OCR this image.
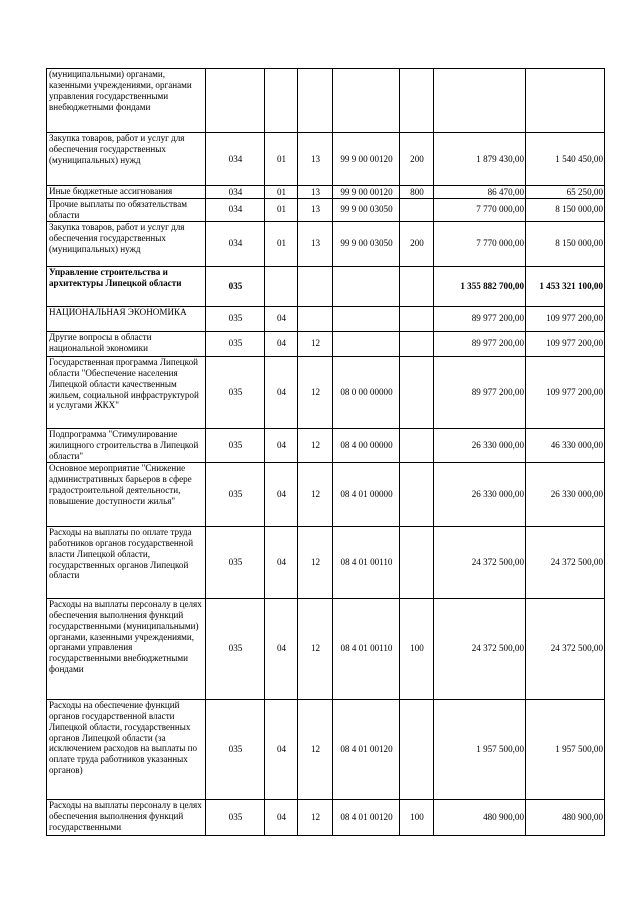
(муниципальными) органами, казенными учреждениями, органами управления государственными внебюджетными фондами							
Закупка товаров, работ и услуг для обеспечения государственных (муниципальных) нужд	034	01	13	99 9 00 00120	200	1 879 430,00	1 540 450,00
Иные бюджетные ассигнования	034	01	13	99 9 00 00120	800	86 470,00	65 250,00
Прочие выплаты по обязательствам области	034	01	13	99 9 00 03050		7 770 000,00	8 150 000,00
Закупка товаров, работ и услуг для обеспечения государственных (муниципальных) нужд	034	01	13	99 9 00 03050	200	7 770 000,00	8 150 000,00
Управление строительства и архитектуры Липецкой области	035					1 355 882 700,00	1 453 321 100,00
НАЦИОНАЛЬНАЯ ЭКОНОМИКА	035	04				89 977 200,00	109 977 200,00
Другие вопросы в области национальной экономики	035	04	12			89 977 200,00	109 977 200,00
Государственная программа Липецкой области "Обеспечение населения Липецкой области качественным жильем, социальной инфраструктурой и услугами ЖКХ"	035	04	12	08 0 00 00000		89 977 200,00	109 977 200,00
Подпрограмма "Стимулирование жилищного строительства в Липецкой области"	035	04	12	08 4 00 00000		26 330 000,00	46 330 000,00
Основное мероприятие "Снижение административных барьеров в сфере градостроительной деятельности, повышение доступности жилья"	035	04	12	08 4 01 00000		26 330 000,00	26 330 000,00
Расходы на выплаты по оплате труда работников органов государственной власти Липецкой области, государственных органов Липецкой области	035	04	12	08 4 01 00110		24 372 500,00	24 372 500,00
Расходы на выплаты персоналу в целях обеспечения выполнения функций государственными (муниципальными) органами, казенными учреждениями, органами управления государственными внебюджетными фондами	035	04	12	08 4 01 00110	100	24 372 500,00	24 372 500,00
Расходы на обеспечение функций органов государственной власти Липецкой области, государственных органов Липецкой области (за исключением расходов на выплаты по оплате труда работников указанных органов)	035	04	12	08 4 01 00120		1 957 500,00	1 957 500,00
Расходы на выплаты персоналу в целях обеспечения выполнения функций государственными	035	04	12	08 4 01 00120	100	480 900,00	480 900,00
